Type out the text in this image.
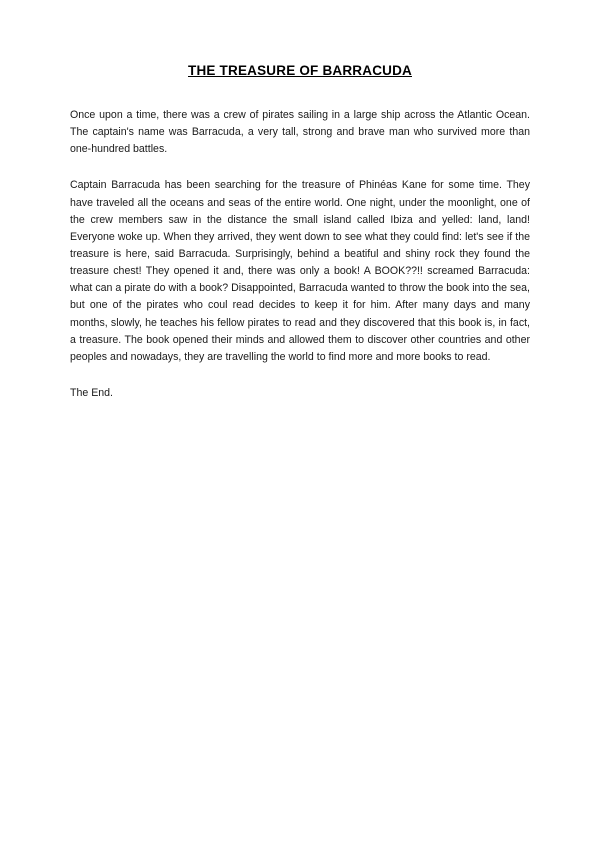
THE TREASURE OF BARRACUDA

Once upon a time, there was a crew of pirates sailing in a large ship across the Atlantic Ocean. The captain's name was Barracuda, a very tall, strong and brave man who survived more than one-hundred battles.

Captain Barracuda has been searching for the treasure of Phinéas Kane for some time. They have traveled all the oceans and seas of the entire world. One night, under the moonlight, one of the crew members saw in the distance the small island called Ibiza and yelled: land, land! Everyone woke up. When they arrived, they went down to see what they could find: let's see if the treasure is here, said Barracuda. Surprisingly, behind a beatiful and shiny rock they found the treasure chest! They opened it and, there was only a book! A BOOK??!! screamed Barracuda: what can a pirate do with a book? Disappointed, Barracuda wanted to throw the book into the sea, but one of the pirates who coul read decides to keep it for him. After many days and many months, slowly, he teaches his fellow pirates to read and they discovered that this book is, in fact, a treasure. The book opened their minds and allowed them to discover other countries and other peoples and nowadays, they are travelling the world to find more and more books to read.

The End.
